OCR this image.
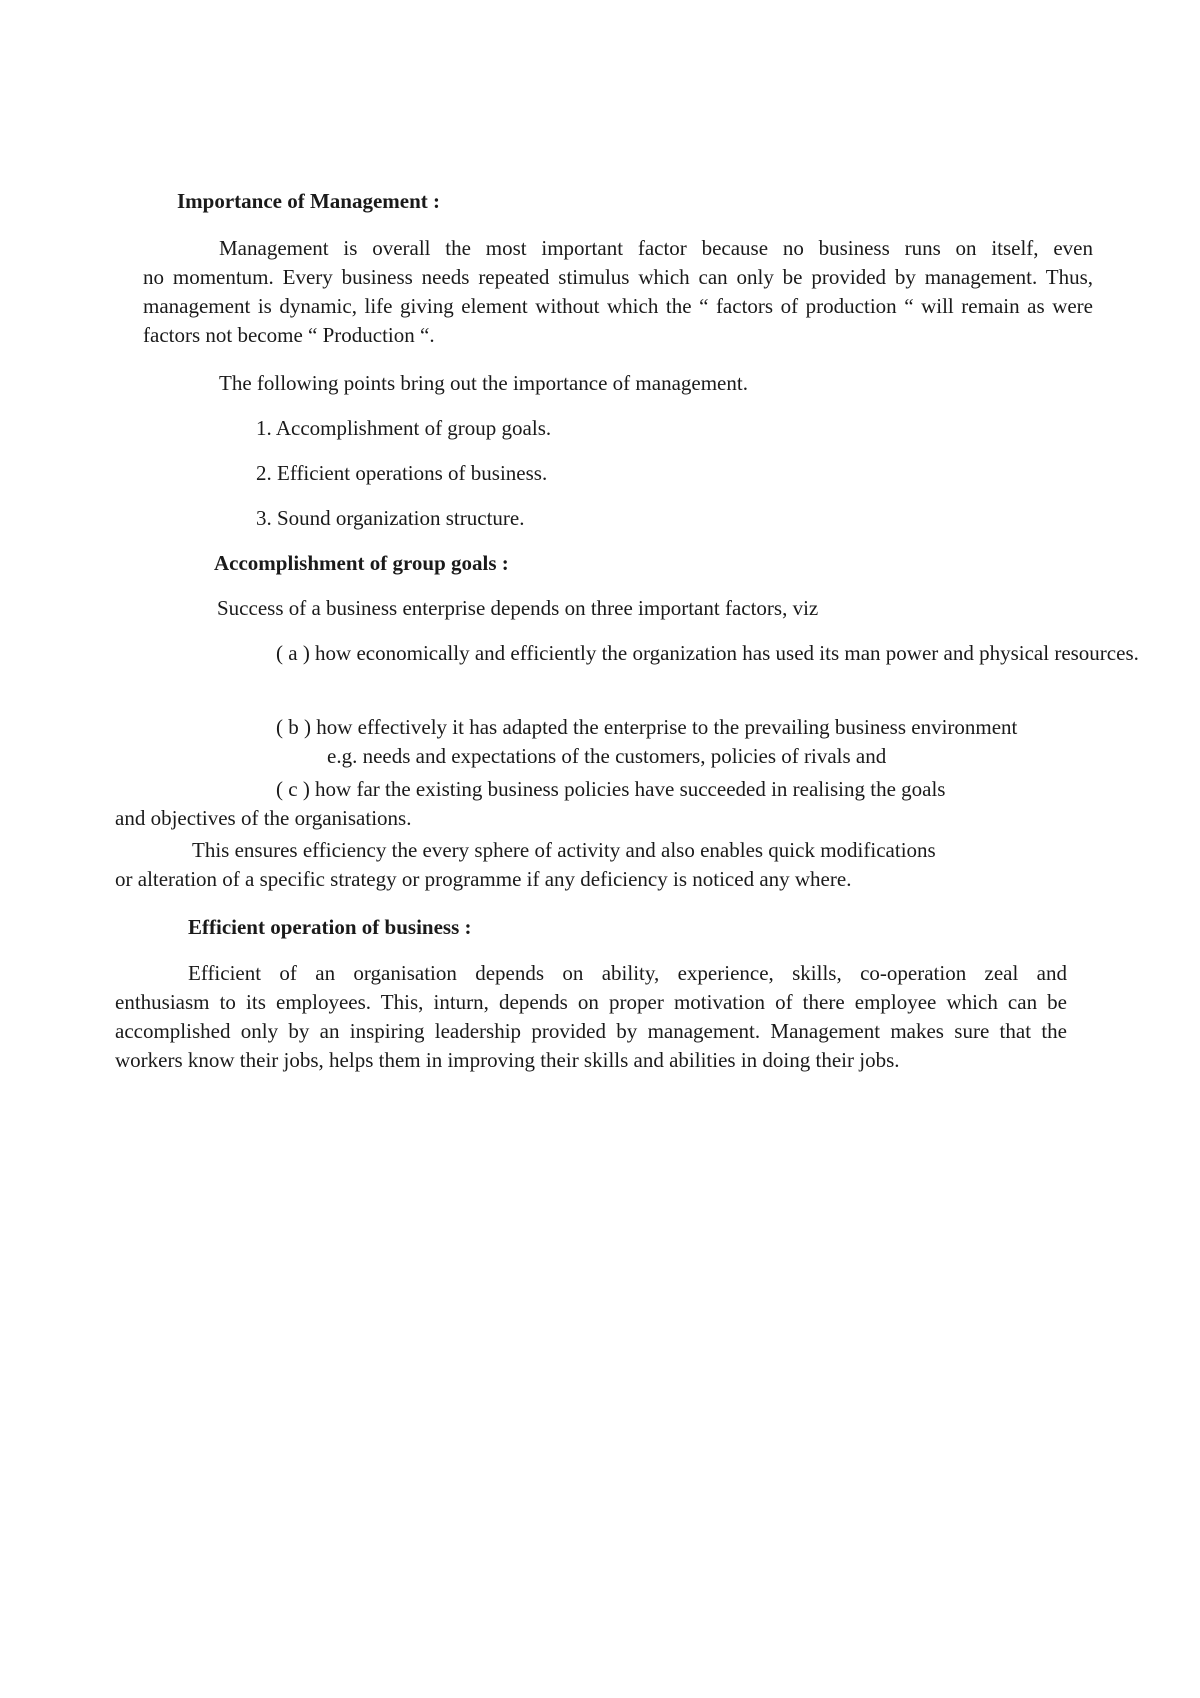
Importance of Management :
Management is overall the most important factor because no business runs on itself, even
no momentum. Every business needs repeated stimulus which can only be provided by management. Thus, management is dynamic, life giving element without which the “ factors of production “ will remain as were factors not become “ Production “.
The following points bring out the importance of management.
1. Accomplishment of group goals.
2. Efficient operations of business.
3. Sound organization structure.
Accomplishment of group goals :
Success of a business enterprise depends on three important factors, viz
( a ) how economically and efficiently the organization has used its man power and physical resources.
( b ) how effectively it has adapted the enterprise to the prevailing business environment
e.g. needs and expectations of the customers, policies of rivals and
( c ) how far the existing business policies have succeeded in realising the goals
and objectives of the organisations.
This ensures efficiency the every sphere of activity and also enables quick modifications
or alteration of a specific strategy or programme if any deficiency is noticed any where.
Efficient operation of business :
Efficient of an organisation depends on ability, experience, skills, co-operation zeal and
enthusiasm to its employees. This, inturn, depends on proper motivation of there employee which can be accomplished only by an inspiring leadership provided by management. Management makes sure that the workers know their jobs, helps them in improving their skills and abilities in doing their jobs.
